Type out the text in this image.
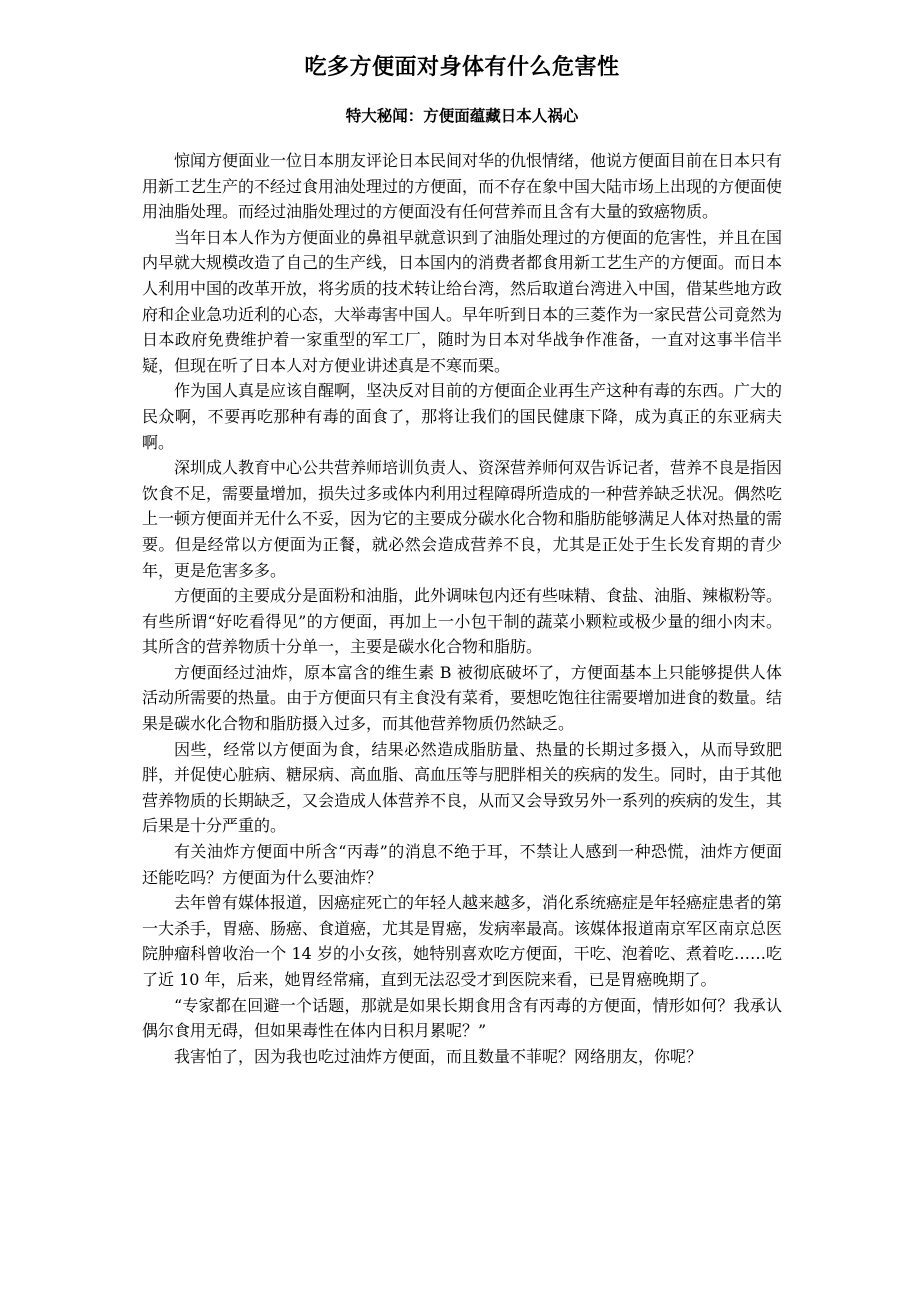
吃多方便面对身体有什么危害性
特大秘闻：方便面蕴藏日本人祸心

惊闻方便面业一位日本朋友评论日本民间对华的仇恨情绪，他说方便面目前在日本只有用新工艺生产的不经过食用油处理过的方便面，而不存在象中国大陆市场上出现的方便面使用油脂处理。而经过油脂处理过的方便面没有任何营养而且含有大量的致癌物质。

当年日本人作为方便面业的鼻祖早就意识到了油脂处理过的方便面的危害性，并且在国内早就大规模改造了自己的生产线，日本国内的消费者都食用新工艺生产的方便面。而日本人利用中国的改革开放，将劣质的技术转让给台湾，然后取道台湾进入中国，借某些地方政府和企业急功近利的心态，大举毒害中国人。早年听到日本的三菱作为一家民营公司竟然为日本政府免费维护着一家重型的军工厂，随时为日本对华战争作准备，一直对这事半信半疑，但现在听了日本人对方便业讲述真是不寒而栗。

作为国人真是应该自醒啊，坚决反对目前的方便面企业再生产这种有毒的东西。广大的民众啊，不要再吃那种有毒的面食了，那将让我们的国民健康下降，成为真正的东亚病夫啊。

深圳成人教育中心公共营养师培训负责人、资深营养师何双告诉记者，营养不良是指因饮食不足，需要量增加，损失过多或体内利用过程障碍所造成的一种营养缺乏状况。偶然吃上一顿方便面并无什么不妥，因为它的主要成分碳水化合物和脂肪能够满足人体对热量的需要。但是经常以方便面为正餐，就必然会造成营养不良，尤其是正处于生长发育期的青少年，更是危害多多。

方便面的主要成分是面粉和油脂，此外调味包内还有些味精、食盐、油脂、辣椒粉等。有些所谓“好吃看得见”的方便面，再加上一小包干制的蔬菜小颗粒或极少量的细小肉末。其所含的营养物质十分单一，主要是碳水化合物和脂肪。

方便面经过油炸，原本富含的维生素 B 被彻底破坏了，方便面基本上只能够提供人体活动所需要的热量。由于方便面只有主食没有菜肴，要想吃饱往往需要增加进食的数量。结果是碳水化合物和脂肪摄入过多，而其他营养物质仍然缺乏。

因些，经常以方便面为食，结果必然造成脂肪量、热量的长期过多摄入，从而导致肥胖，并促使心脏病、糖尿病、高血脂、高血压等与肥胖相关的疾病的发生。同时，由于其他营养物质的长期缺乏，又会造成人体营养不良，从而又会导致另外一系列的疾病的发生，其后果是十分严重的。

有关油炸方便面中所含“丙毒”的消息不绝于耳，不禁让人感到一种恐慌，油炸方便面还能吃吗？方便面为什么要油炸？

去年曾有媒体报道，因癌症死亡的年轻人越来越多，消化系统癌症是年轻癌症患者的第一大杀手，胃癌、肠癌、食道癌，尤其是胃癌，发病率最高。该媒体报道南京军区南京总医院肿瘤科曾收治一个 14 岁的小女孩，她特别喜欢吃方便面，干吃、泡着吃、煮着吃……吃了近 10 年，后来，她胃经常痛，直到无法忍受才到医院来看，已是胃癌晚期了。

“专家都在回避一个话题，那就是如果长期食用含有丙毒的方便面，情形如何？我承认偶尔食用无碍，但如果毒性在体内日积月累呢？”

我害怕了，因为我也吃过油炸方便面，而且数量不菲呢？网络朋友，你呢？
